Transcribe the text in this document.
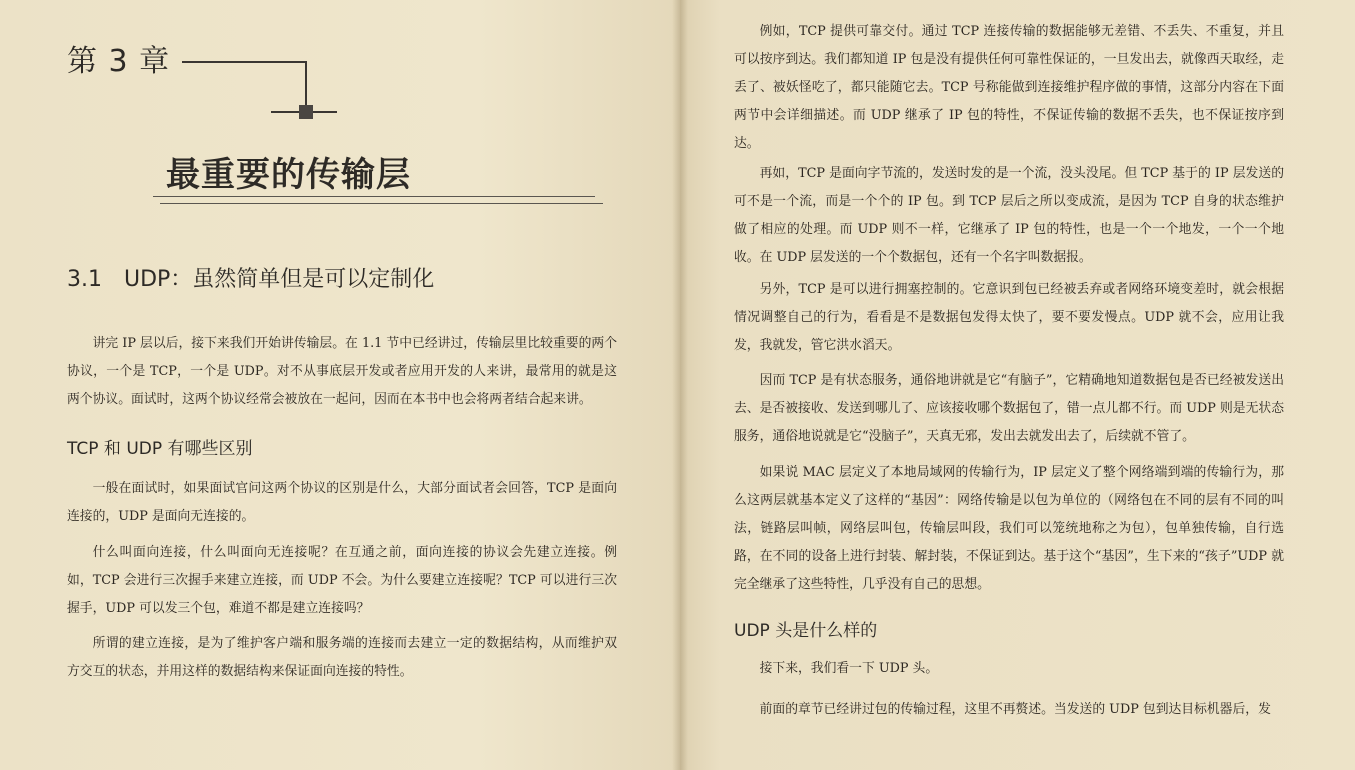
第 3 章
最重要的传输层
3.1　UDP：虽然简单但是可以定制化

讲完 IP 层以后，接下来我们开始讲传输层。在 1.1 节中已经讲过，传输层里比较重要的两个协议，一个是 TCP，一个是 UDP。对不从事底层开发或者应用开发的人来讲，最常用的就是这两个协议。面试时，这两个协议经常会被放在一起问，因而在本书中也会将两者结合起来讲。

TCP 和 UDP 有哪些区别

一般在面试时，如果面试官问这两个协议的区别是什么，大部分面试者会回答，TCP 是面向连接的，UDP 是面向无连接的。

什么叫面向连接，什么叫面向无连接呢？在互通之前，面向连接的协议会先建立连接。例如，TCP 会进行三次握手来建立连接，而 UDP 不会。为什么要建立连接呢？TCP 可以进行三次握手，UDP 可以发三个包，难道不都是建立连接吗？

所谓的建立连接，是为了维护客户端和服务端的连接而去建立一定的数据结构，从而维护双方交互的状态，并用这样的数据结构来保证面向连接的特性。

例如，TCP 提供可靠交付。通过 TCP 连接传输的数据能够无差错、不丢失、不重复，并且可以按序到达。我们都知道 IP 包是没有提供任何可靠性保证的，一旦发出去，就像西天取经，走丢了、被妖怪吃了，都只能随它去。TCP 号称能做到连接维护程序做的事情，这部分内容在下面两节中会详细描述。而 UDP 继承了 IP 包的特性，不保证传输的数据不丢失，也不保证按序到达。

再如，TCP 是面向字节流的，发送时发的是一个流，没头没尾。但 TCP 基于的 IP 层发送的可不是一个流，而是一个个的 IP 包。到 TCP 层后之所以变成流，是因为 TCP 自身的状态维护做了相应的处理。而 UDP 则不一样，它继承了 IP 包的特性，也是一个一个地发，一个一个地收。在 UDP 层发送的一个个数据包，还有一个名字叫数据报。

另外，TCP 是可以进行拥塞控制的。它意识到包已经被丢弃或者网络环境变差时，就会根据情况调整自己的行为，看看是不是数据包发得太快了，要不要发慢点。UDP 就不会，应用让我发，我就发，管它洪水滔天。

因而 TCP 是有状态服务，通俗地讲就是它“有脑子”，它精确地知道数据包是否已经被发送出去、是否被接收、发送到哪儿了、应该接收哪个数据包了，错一点儿都不行。而 UDP 则是无状态服务，通俗地说就是它“没脑子”，天真无邪，发出去就发出去了，后续就不管了。

如果说 MAC 层定义了本地局域网的传输行为，IP 层定义了整个网络端到端的传输行为，那么这两层就基本定义了这样的“基因”：网络传输是以包为单位的（网络包在不同的层有不同的叫法，链路层叫帧，网络层叫包，传输层叫段，我们可以笼统地称之为包），包单独传输，自行选路，在不同的设备上进行封装、解封装，不保证到达。基于这个“基因”，生下来的“孩子”UDP 就完全继承了这些特性，几乎没有自己的思想。

UDP 头是什么样的

接下来，我们看一下 UDP 头。

前面的章节已经讲过包的传输过程，这里不再赘述。当发送的 UDP 包到达目标机器后，发
